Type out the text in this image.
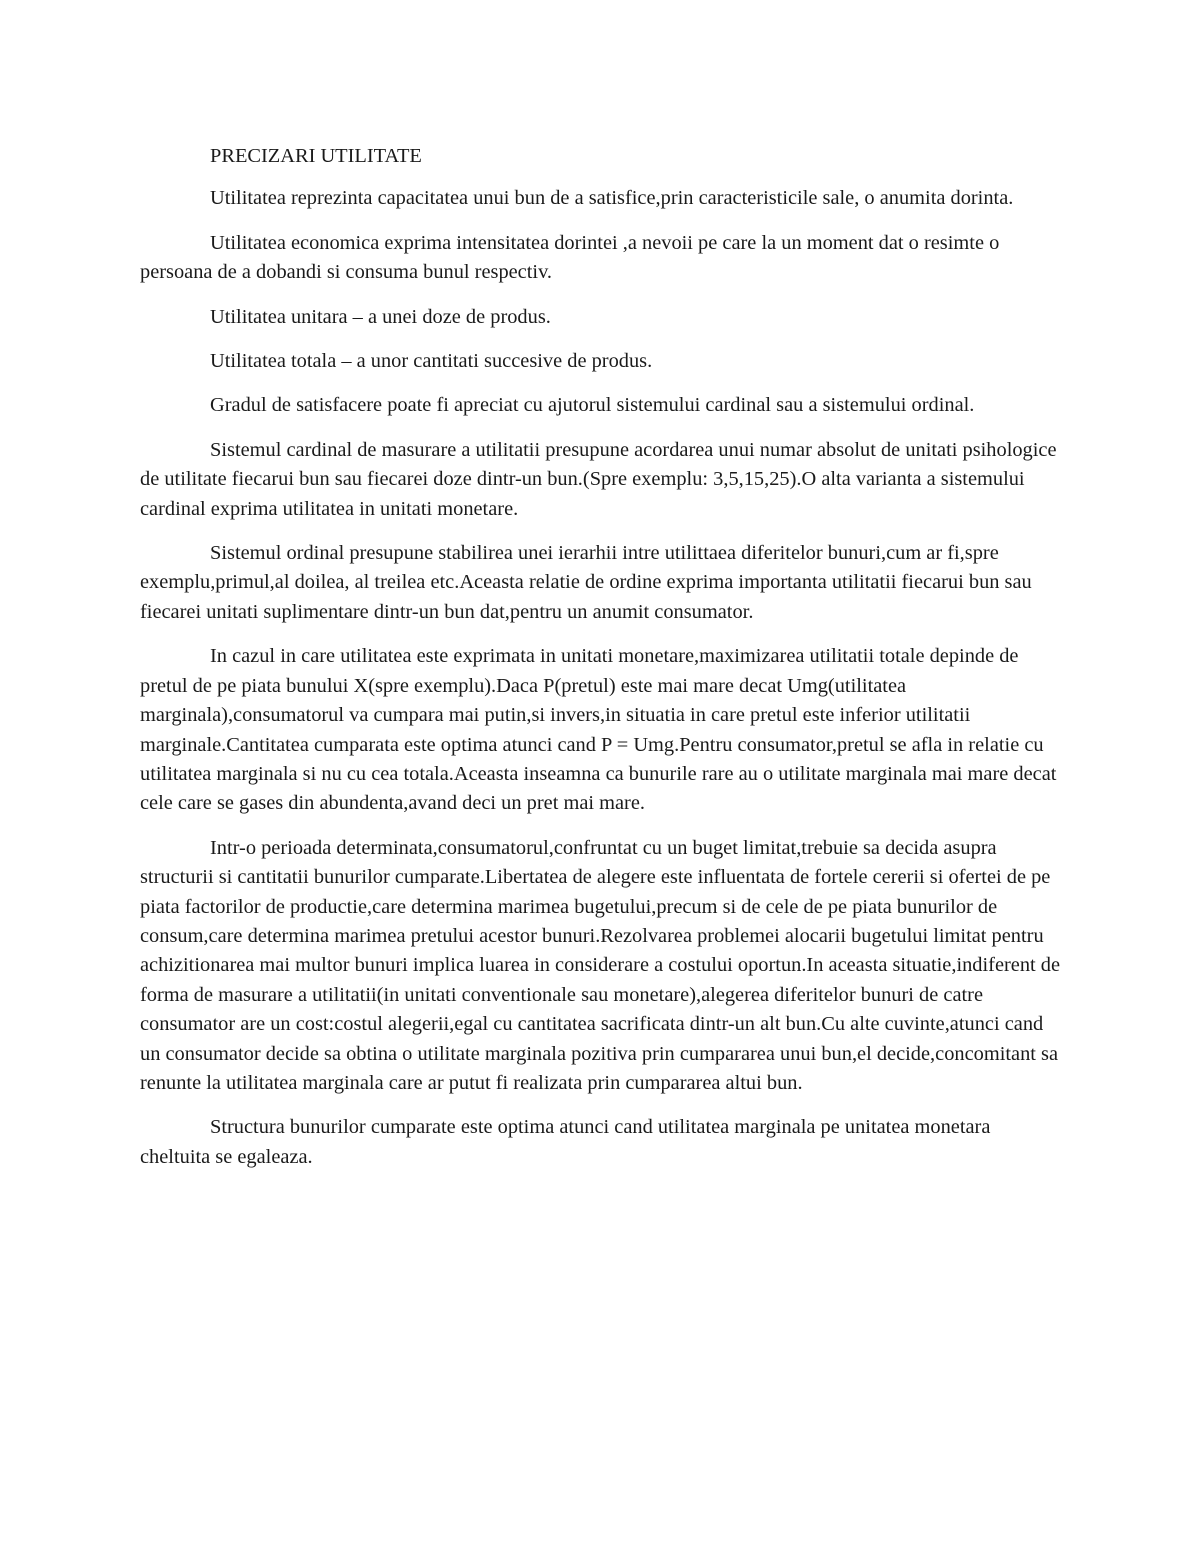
PRECIZARI UTILITATE

Utilitatea reprezinta capacitatea unui bun de a satisfice,prin caracteristicile sale, o anumita dorinta.

Utilitatea economica exprima intensitatea dorintei ,a nevoii pe care la un moment dat o resimte o persoana de a dobandi si consuma bunul respectiv.

Utilitatea unitara – a unei doze de produs.

Utilitatea totala – a unor cantitati succesive de produs.

Gradul de satisfacere poate fi apreciat cu ajutorul sistemului cardinal sau a sistemului ordinal.

Sistemul cardinal de masurare a utilitatii presupune acordarea unui numar absolut de unitati psihologice de utilitate fiecarui bun sau fiecarei doze dintr-un bun.(Spre exemplu: 3,5,15,25).O alta varianta a sistemului cardinal exprima utilitatea in unitati monetare.

Sistemul ordinal presupune stabilirea unei ierarhii intre utilittaea diferitelor bunuri,cum ar fi,spre exemplu,primul,al doilea, al treilea etc.Aceasta relatie de ordine exprima importanta utilitatii fiecarui bun sau fiecarei unitati suplimentare dintr-un bun dat,pentru un anumit consumator.

In cazul in care utilitatea este exprimata in unitati monetare,maximizarea utilitatii totale depinde de pretul de pe piata bunului X(spre exemplu).Daca P(pretul) este mai mare decat Umg(utilitatea marginala),consumatorul va cumpara mai putin,si invers,in situatia in care pretul este inferior utilitatii marginale.Cantitatea cumparata este optima atunci cand P = Umg.Pentru consumator,pretul se afla in relatie cu utilitatea marginala si nu cu cea totala.Aceasta inseamna ca bunurile rare au o utilitate marginala mai mare decat cele care se gases din abundenta,avand deci un pret mai mare.

Intr-o perioada determinata,consumatorul,confruntat cu un buget limitat,trebuie sa decida asupra structurii si cantitatii bunurilor cumparate.Libertatea de alegere este influentata de fortele cererii si ofertei de pe piata factorilor de productie,care determina marimea bugetului,precum si de cele de pe piata bunurilor de consum,care determina marimea pretului acestor bunuri.Rezolvarea problemei alocarii bugetului limitat pentru achizitionarea mai multor bunuri implica luarea in considerare a costului oportun.In aceasta situatie,indiferent de forma de masurare a utilitatii(in unitati conventionale sau monetare),alegerea diferitelor bunuri de catre consumator are un cost:costul alegerii,egal cu cantitatea sacrificata dintr-un alt bun.Cu alte cuvinte,atunci cand un consumator decide sa obtina o utilitate marginala pozitiva prin cumpararea unui bun,el decide,concomitant sa renunte la utilitatea marginala care ar putut fi realizata prin cumpararea altui bun.

Structura bunurilor cumparate este optima atunci cand utilitatea marginala pe unitatea monetara cheltuita se egaleaza.
